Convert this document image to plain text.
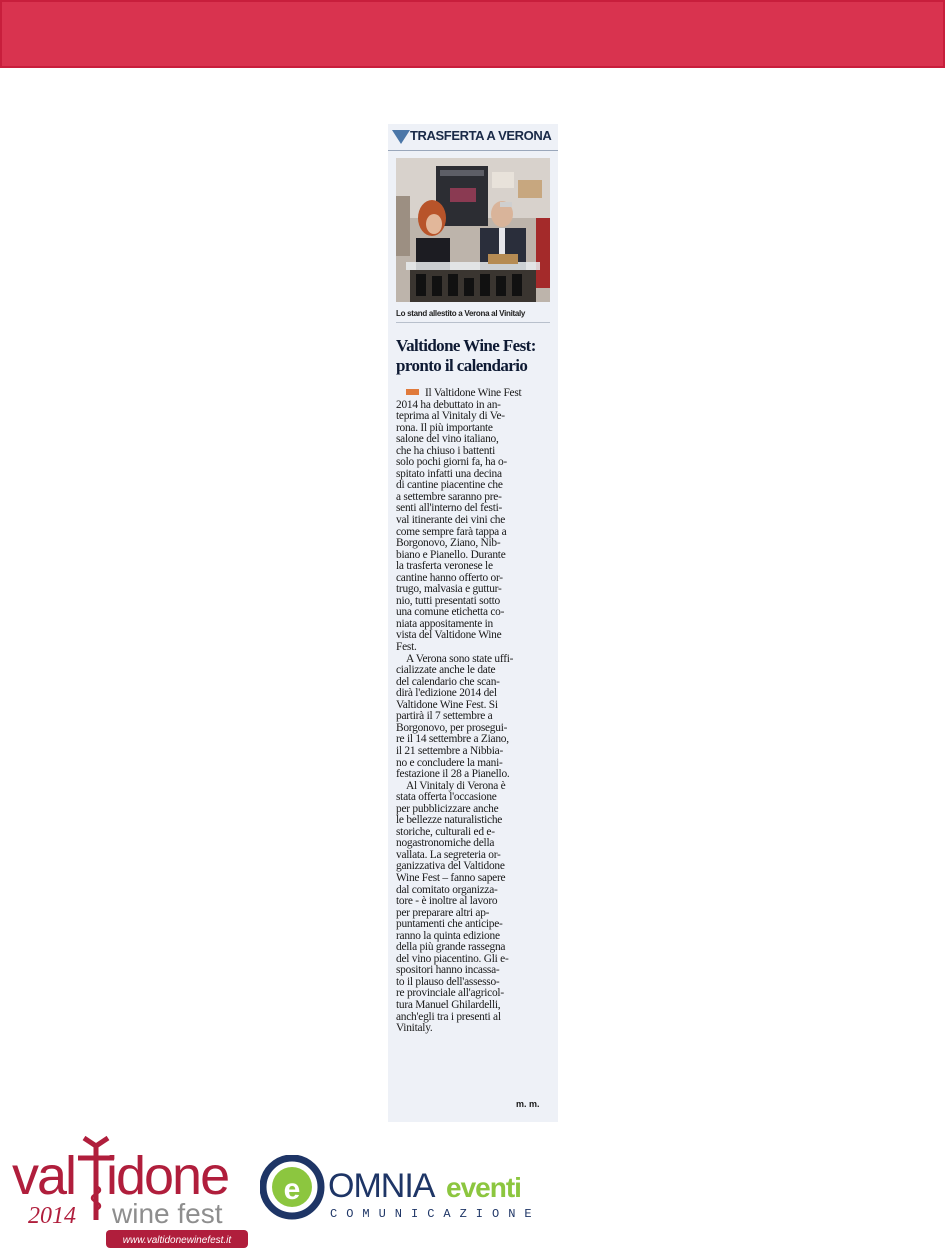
TRASFERTA A VERONA
Lo stand allestito a Verona al Vinitaly
Valtidone Wine Fest:
pronto il calendario
Il Valtidone Wine Fest
2014 ha debuttato in an-
teprima al Vinitaly di Ve-
rona. Il più importante
salone del vino italiano,
che ha chiuso i battenti
solo pochi giorni fa, ha o-
spitato infatti una decina
di cantine piacentine che
a settembre saranno pre-
senti all'interno del festi-
val itinerante dei vini che
come sempre farà tappa a
Borgonovo, Ziano, Nib-
biano e Pianello. Durante
la trasferta veronese le
cantine hanno offerto or-
trugo, malvasia e guttur-
nio, tutti presentati sotto
una comune etichetta co-
niata appositamente in
vista del Valtidone Wine
Fest.
A Verona sono state uffi-
cializzate anche le date
del calendario che scan-
dirà l'edizione 2014 del
Valtidone Wine Fest. Si
partirà il 7 settembre a
Borgonovo, per prosegui-
re il 14 settembre a Ziano,
il 21 settembre a Nibbia-
no e concludere la mani-
festazione il 28 a Pianello.
Al Vinitaly di Verona è
stata offerta l'occasione
per pubblicizzare anche
le bellezze naturalistiche
storiche, culturali ed e-
nogastronomiche della
vallata. La segreteria or-
ganizzativa del Valtidone
Wine Fest – fanno sapere
dal comitato organizza-
tore - è inoltre al lavoro
per preparare altri ap-
puntamenti che anticipe-
ranno la quinta edizione
della più grande rassegna
del vino piacentino. Gli e-
spositori hanno incassa-
to il plauso dell'assesso-
re provinciale all'agricol-
tura Manuel Ghilardelli,
anch'egli tra i presenti al
Vinitaly.
m. m.
val idone
2014 wine fest
www.valtidonewinefest.it
e OMNIA eventi
COMUNICAZIONE
